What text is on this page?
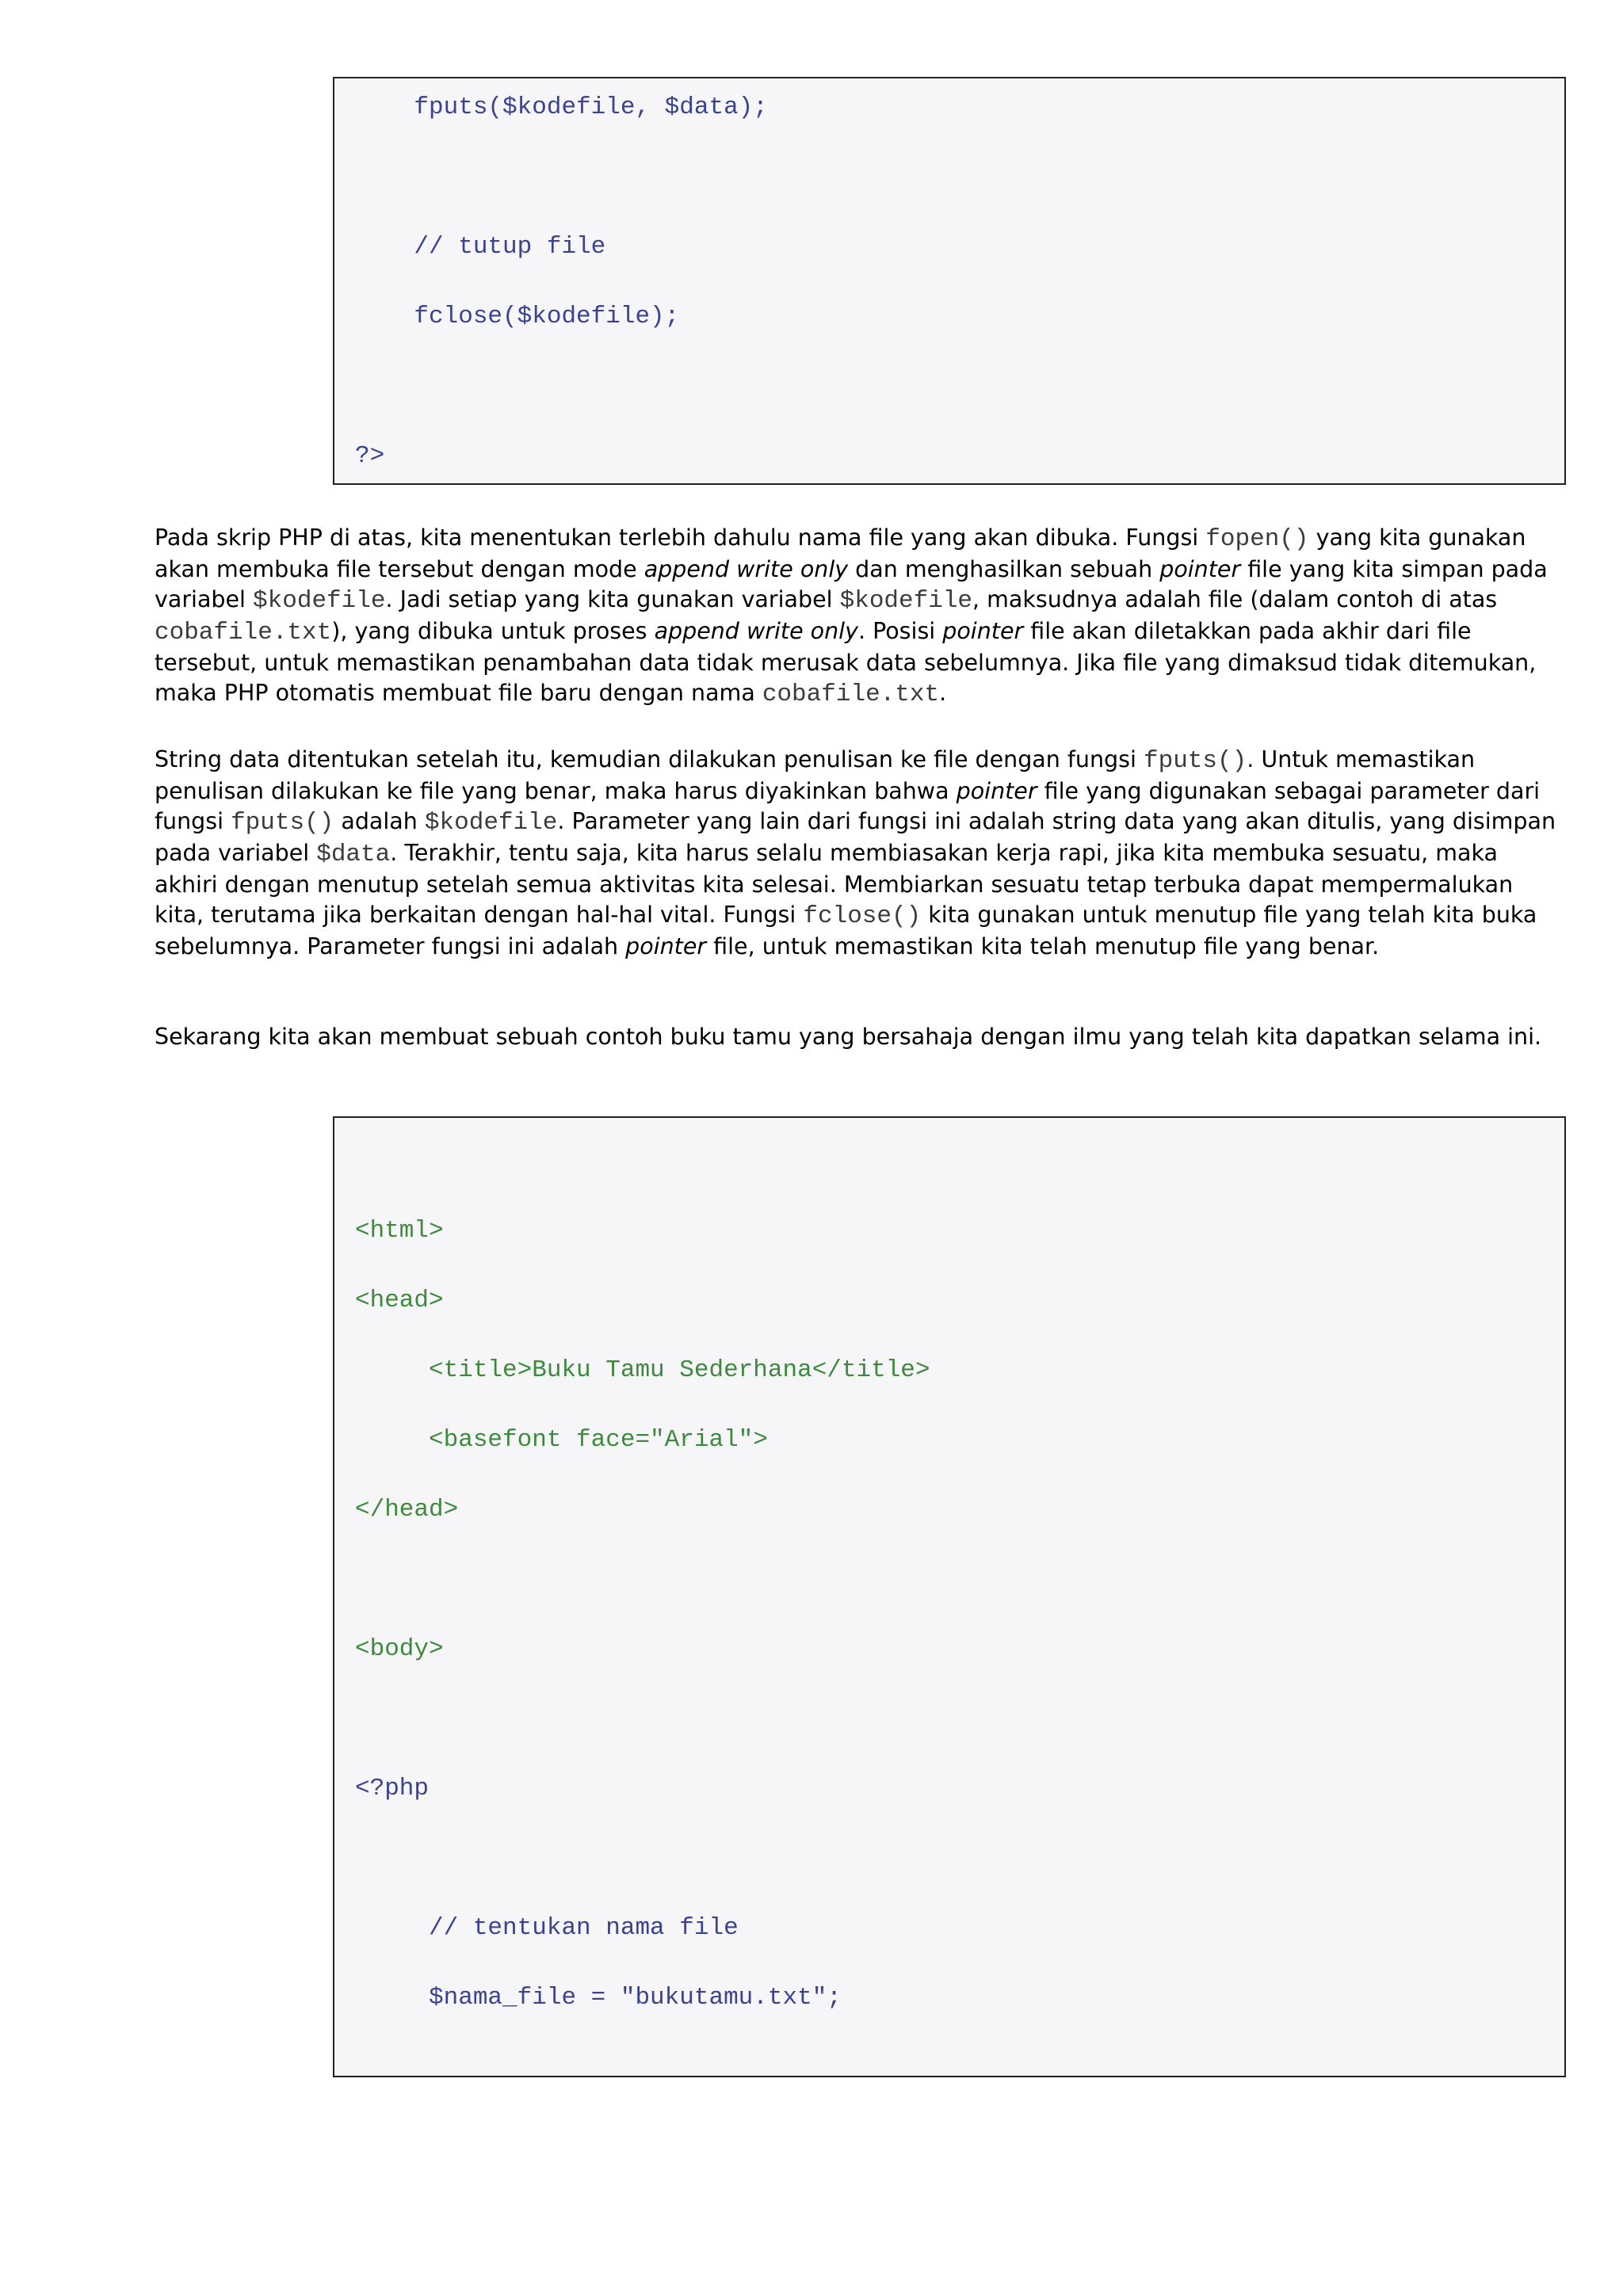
fputs($kodefile, $data);
// tutup file
fclose($kodefile);
?>

Pada skrip PHP di atas, kita menentukan terlebih dahulu nama file yang akan dibuka. Fungsi fopen() yang kita gunakan akan membuka file tersebut dengan mode append write only dan menghasilkan sebuah pointer file yang kita simpan pada variabel $kodefile. Jadi setiap yang kita gunakan variabel $kodefile, maksudnya adalah file (dalam contoh di atas cobafile.txt), yang dibuka untuk proses append write only. Posisi pointer file akan diletakkan pada akhir dari file tersebut, untuk memastikan penambahan data tidak merusak data sebelumnya. Jika file yang dimaksud tidak ditemukan, maka PHP otomatis membuat file baru dengan nama cobafile.txt.

String data ditentukan setelah itu, kemudian dilakukan penulisan ke file dengan fungsi fputs(). Untuk memastikan penulisan dilakukan ke file yang benar, maka harus diyakinkan bahwa pointer file yang digunakan sebagai parameter dari fungsi fputs() adalah $kodefile. Parameter yang lain dari fungsi ini adalah string data yang akan ditulis, yang disimpan pada variabel $data. Terakhir, tentu saja, kita harus selalu membiasakan kerja rapi, jika kita membuka sesuatu, maka akhiri dengan menutup setelah semua aktivitas kita selesai. Membiarkan sesuatu tetap terbuka dapat mempermalukan kita, terutama jika berkaitan dengan hal-hal vital. Fungsi fclose() kita gunakan untuk menutup file yang telah kita buka sebelumnya. Parameter fungsi ini adalah pointer file, untuk memastikan kita telah menutup file yang benar.

Sekarang kita akan membuat sebuah contoh buku tamu yang bersahaja dengan ilmu yang telah kita dapatkan selama ini.

<html>
<head>
<title>Buku Tamu Sederhana</title>
<basefont face="Arial">
</head>
<body>
<?php
// tentukan nama file
$nama_file = "bukutamu.txt";
